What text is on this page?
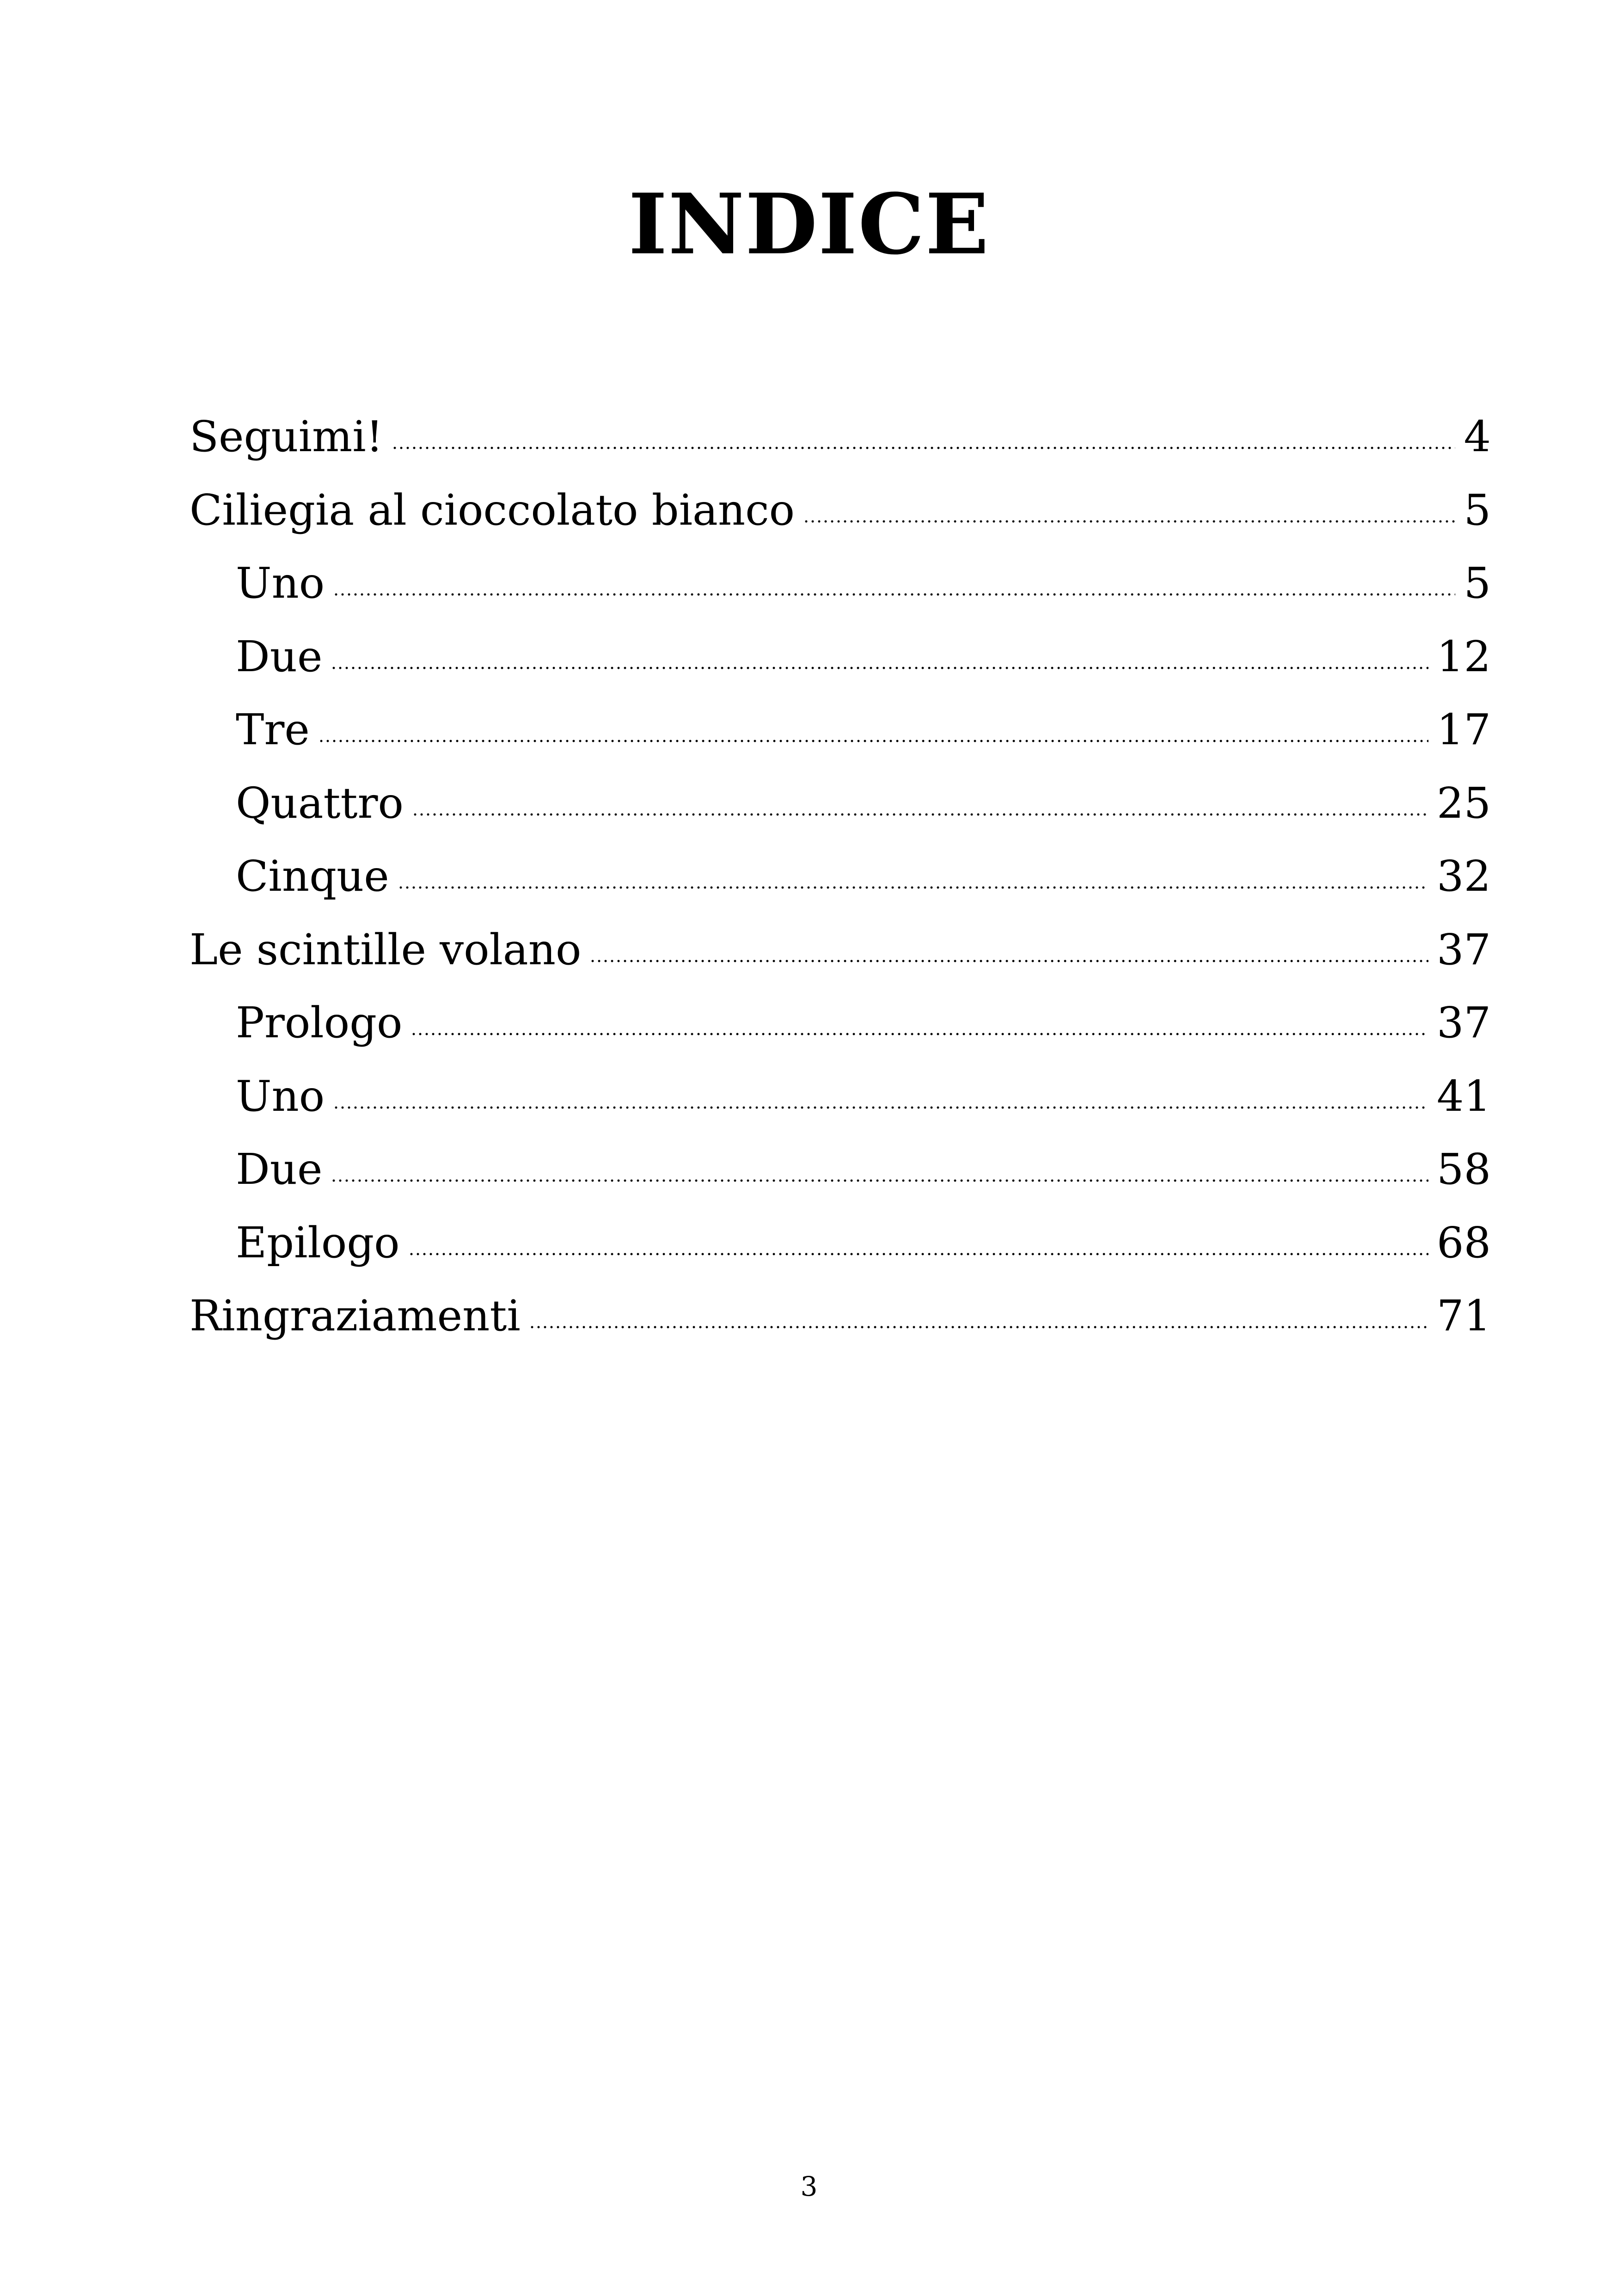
INDICE
Seguimi!	4
Ciliegia al cioccolato bianco	5
Uno	5
Due	12
Tre	17
Quattro	25
Cinque	32
Le scintille volano	37
Prologo	37
Uno	41
Due	58
Epilogo	68
Ringraziamenti	71
3
